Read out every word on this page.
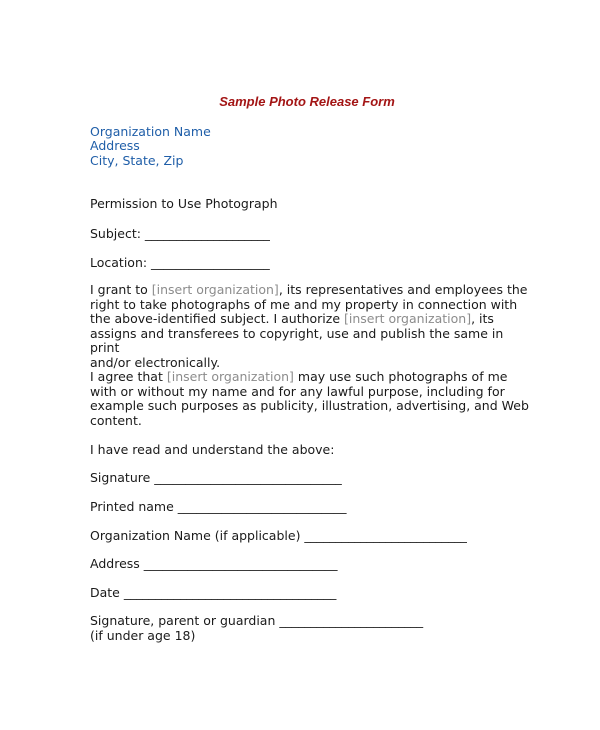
Sample Photo Release Form
Organization Name
Address
City, State, Zip
Permission to Use Photograph
Subject: ____________________
Location: ___________________
I grant to [insert organization], its representatives and employees the
right to take photographs of me and my property in connection with
the above-identified subject. I authorize [insert organization], its
assigns and transferees to copyright, use and publish the same in print
and/or electronically.
I agree that [insert organization] may use such photographs of me
with or without my name and for any lawful purpose, including for
example such purposes as publicity, illustration, advertising, and Web
content.
I have read and understand the above:
Signature ______________________________
Printed name ___________________________
Organization Name (if applicable) __________________________
Address _______________________________
Date __________________________________
Signature, parent or guardian _______________________
(if under age 18)
